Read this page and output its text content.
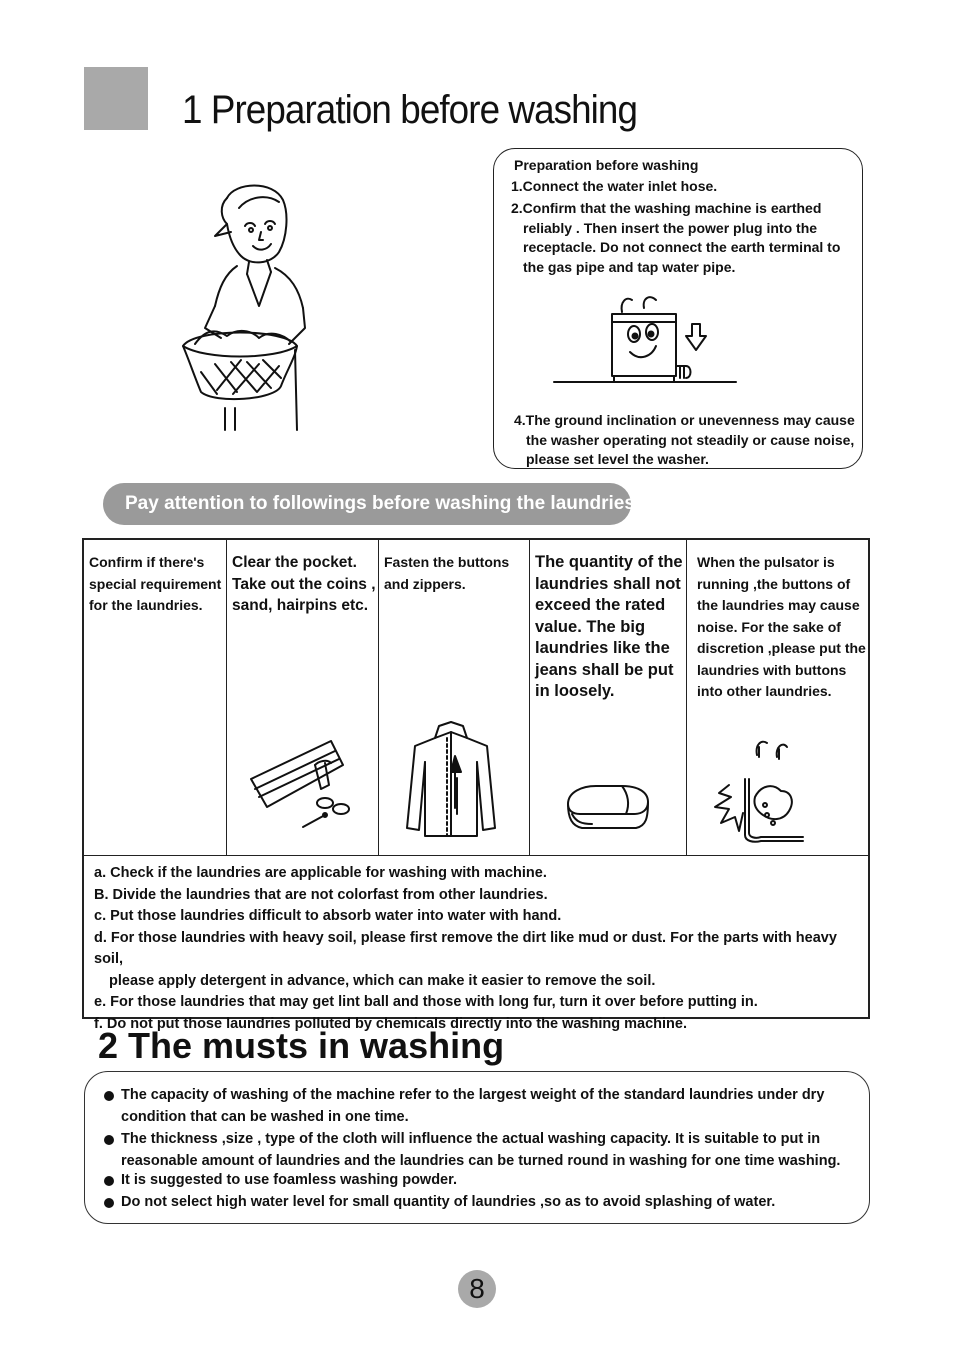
1 Preparation before washing
Preparation before washing
1.Connect the water inlet hose.
2.Confirm that the washing machine is earthed reliably . Then insert the power plug into the receptacle. Do not connect the earth terminal to the gas pipe and tap water pipe.
4.The ground inclination or unevenness may cause the washer operating not steadily or cause noise, please set level the washer.
Pay attention to followings before washing the laundries
Confirm if there's special requirement for the laundries.
Clear the pocket. Take out the coins , sand, hairpins etc.
Fasten the buttons and zippers.
The quantity of the laundries shall not exceed the rated value. The big laundries like the jeans shall be put in loosely.
When the pulsator is running ,the buttons of the laundries may cause noise. For the sake of discretion ,please put the laundries with buttons into other laundries.
a. Check if the laundries are applicable for washing with machine.
B. Divide the laundries that are not colorfast from other laundries.
c. Put those laundries difficult to absorb water into water with hand.
d. For those laundries with heavy soil, please first remove the dirt like mud or dust. For the parts with heavy soil,
please apply detergent in advance, which can make it easier to remove the soil.
e. For those laundries that may get lint ball and those with long fur, turn it over before putting in.
f. Do not put those laundries polluted by chemicals directly into the washing machine.
2 The musts in washing
The capacity of washing of the machine refer to the largest weight of the standard laundries under dry condition that can be washed in one time.
The thickness ,size , type of the cloth will influence the actual washing capacity. It is suitable to put in reasonable amount of laundries and the laundries can be turned round in washing for one time washing.
It is suggested to use foamless washing powder.
Do not select high water level for small quantity of laundries ,so as to avoid splashing of water.
8
